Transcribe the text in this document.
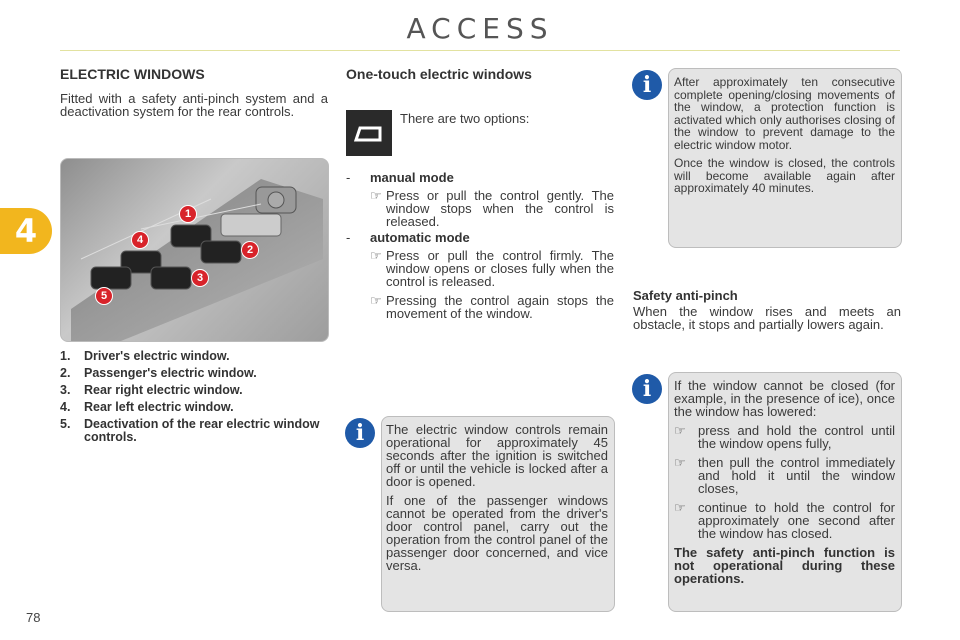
ACCESS
4
ELECTRIC WINDOWS
Fitted with a safety anti-pinch system and a deactivation system for the rear controls.
1
2
3
4
5
1.	Driver's electric window.
2.	Passenger's electric window.
3.	Rear right electric window.
4.	Rear left electric window.
5.	Deactivation of the rear electric window controls.
One-touch electric windows
There are two options:
-	manual mode
☞ Press or pull the control gently. The window stops when the control is released.
-	automatic mode
☞ Press or pull the control firmly. The window opens or closes fully when the control is released.
☞ Pressing the control again stops the movement of the window.
i	The electric window controls remain operational for approximately 45 seconds after the ignition is switched off or until the vehicle is locked after a door is opened.

If one of the passenger windows cannot be operated from the driver's door control panel, carry out the operation from the control panel of the passenger door concerned, and vice versa.

i	After approximately ten consecutive complete opening/closing movements of the window, a protection function is activated which only authorises closing of the window to prevent damage to the electric window motor.

Once the window is closed, the controls will become available again after approximately 40 minutes.

Safety anti-pinch
When the window rises and meets an obstacle, it stops and partially lowers again.
i	If the window cannot be closed (for example, in the presence of ice), once the window has lowered:

☞ press and hold the control until the window opens fully,
☞ then pull the control immediately and hold it until the window closes,
☞ continue to hold the control for approximately one second after the window has closed.

The safety anti-pinch function is not operational during these operations.

78
